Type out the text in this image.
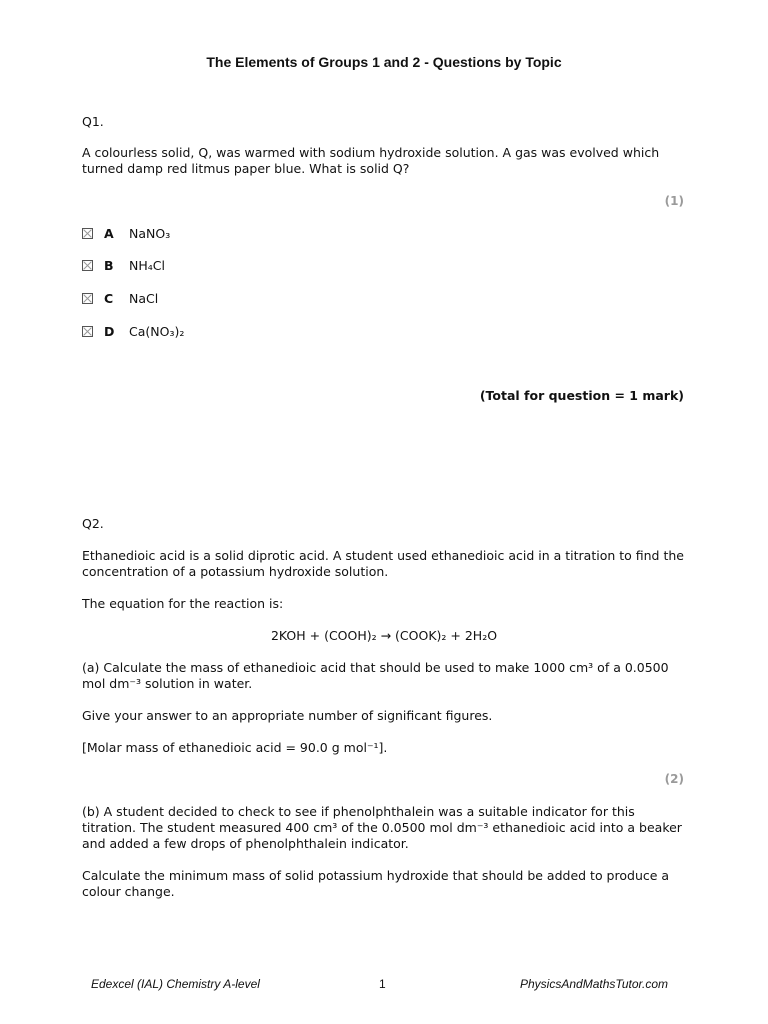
The Elements of Groups 1 and 2 - Questions by Topic
Q1.
A colourless solid, Q, was warmed with sodium hydroxide solution. A gas was evolved which
turned damp red litmus paper blue. What is solid Q?
(1)
A	NaNO₃
B	NH₄Cl
C	NaCl
D	Ca(NO₃)₂
(Total for question = 1 mark)
Q2.
Ethanedioic acid is a solid diprotic acid. A student used ethanedioic acid in a titration to find the
concentration of a potassium hydroxide solution.
The equation for the reaction is:
2KOH + (COOH)₂ → (COOK)₂ + 2H₂O
(a) Calculate the mass of ethanedioic acid that should be used to make 1000 cm³ of a 0.0500
mol dm⁻³ solution in water.
Give your answer to an appropriate number of significant figures.
[Molar mass of ethanedioic acid = 90.0 g mol⁻¹].
(2)
(b) A student decided to check to see if phenolphthalein was a suitable indicator for this
titration. The student measured 400 cm³ of the 0.0500 mol dm⁻³ ethanedioic acid into a beaker
and added a few drops of phenolphthalein indicator.
Calculate the minimum mass of solid potassium hydroxide that should be added to produce a
colour change.
Edexcel (IAL) Chemistry A-level	1	PhysicsAndMathsTutor.com
